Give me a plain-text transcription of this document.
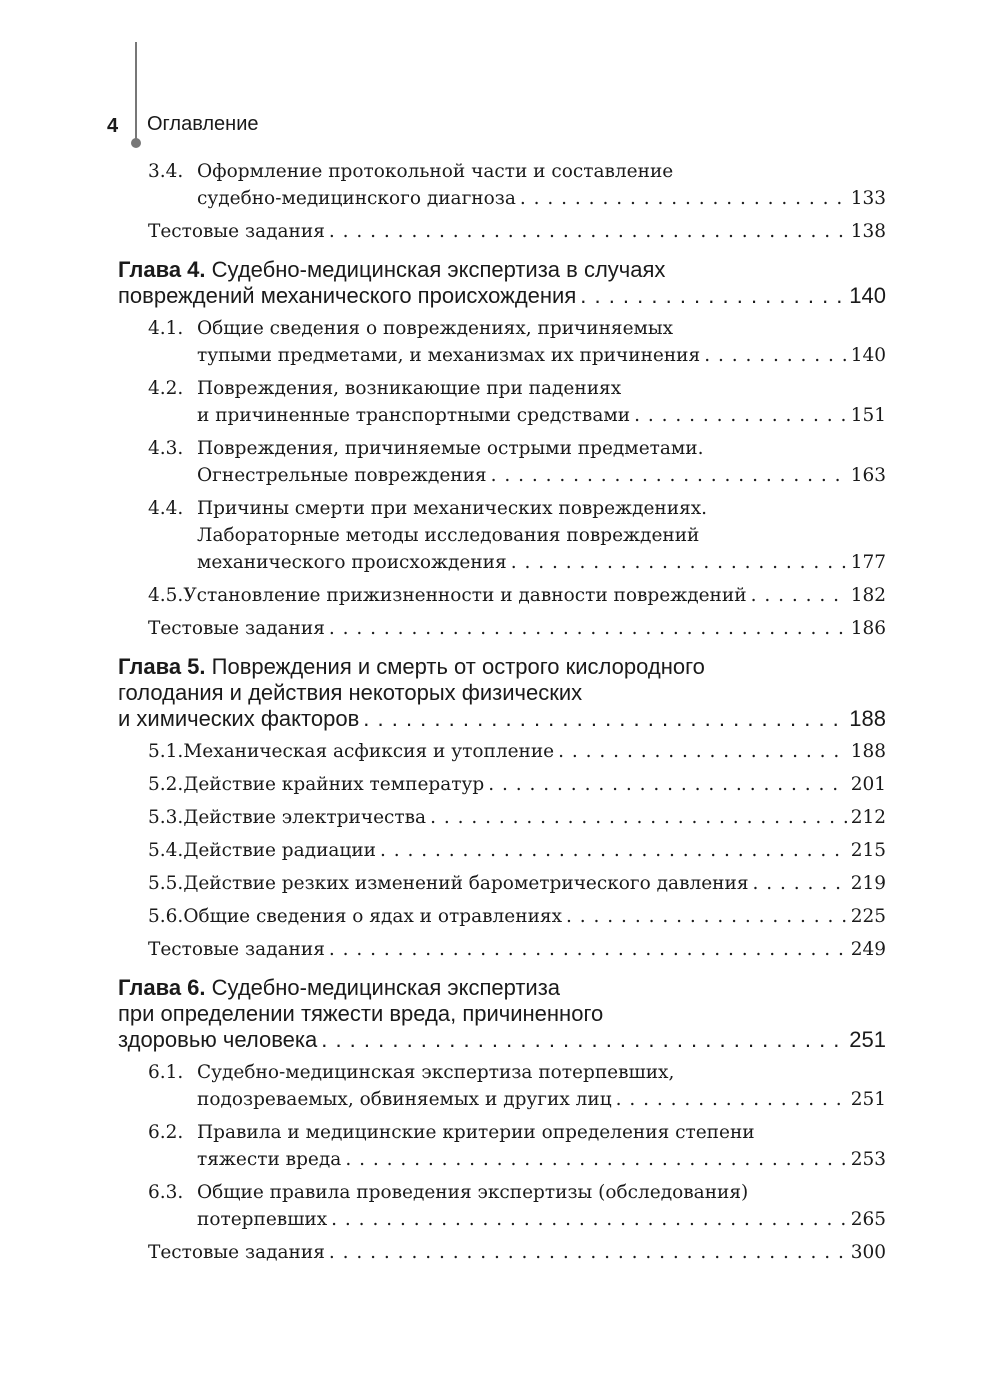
4 Оглавление
3.4. Оформление протокольной части и составление
судебно-медицинского диагноза . . .	133
Тестовые задания . . .	138
Глава 4. Судебно-медицинская экспертиза в случаях
повреждений механического происхождения . . .	140
4.1. Общие сведения о повреждениях, причиняемых
тупыми предметами, и механизмах их причинения . . .	140
4.2. Повреждения, возникающие при падениях
и причиненные транспортными средствами . . .	151
4.3. Повреждения, причиняемые острыми предметами.
Огнестрельные повреждения . . .	163
4.4. Причины смерти при механических повреждениях.
Лабораторные методы исследования повреждений
механического происхождения . . .	177
4.5. Установление прижизненности и давности повреждений . . .	182
Тестовые задания . . .	186
Глава 5. Повреждения и смерть от острого кислородного
голодания и действия некоторых физических
и химических факторов . . .	188
5.1. Механическая асфиксия и утопление . . .	188
5.2. Действие крайних температур . . .	201
5.3. Действие электричества . . .	212
5.4. Действие радиации . . .	215
5.5. Действие резких изменений барометрического давления . . .	219
5.6. Общие сведения о ядах и отравлениях . . .	225
Тестовые задания . . .	249
Глава 6. Судебно-медицинская экспертиза
при определении тяжести вреда, причиненного
здоровью человека . . .	251
6.1. Судебно-медицинская экспертиза потерпевших,
подозреваемых, обвиняемых и других лиц . . .	251
6.2. Правила и медицинские критерии определения степени
тяжести вреда . . .	253
6.3. Общие правила проведения экспертизы (обследования)
потерпевших . . .	265
Тестовые задания . . .	300
